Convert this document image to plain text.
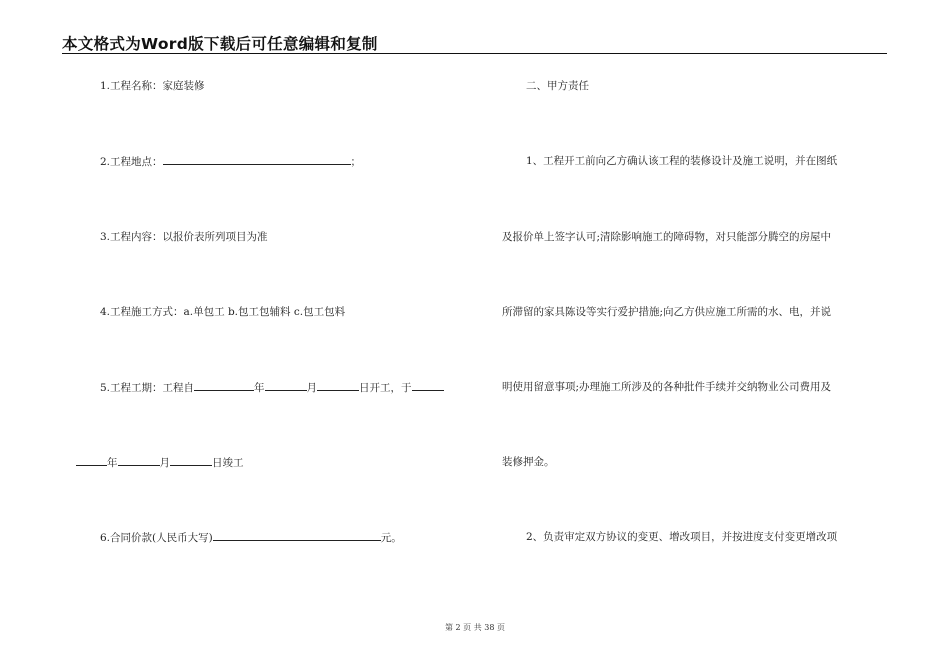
本文格式为Word版下载后可任意编辑和复制
1.工程名称：家庭装修
2.工程地点：	；
3.工程内容：以报价表所列项目为准
4.工程施工方式：a.单包工 b.包工包辅料 c.包工包料
5.工程工期：工程自	年	月	日开工，于
年	月	日竣工
6.合同价款(人民币大写)	元。
二、甲方责任
1、工程开工前向乙方确认该工程的装修设计及施工说明，并在图纸
及报价单上签字认可;清除影响施工的障碍物，对只能部分腾空的房屋中
所滞留的家具陈设等实行爱护措施;向乙方供应施工所需的水、电，并说
明使用留意事项;办理施工所涉及的各种批件手续并交纳物业公司费用及
装修押金。
2、负责审定双方协议的变更、增改项目，并按进度支付变更增改项
第 2 页 共 38 页
